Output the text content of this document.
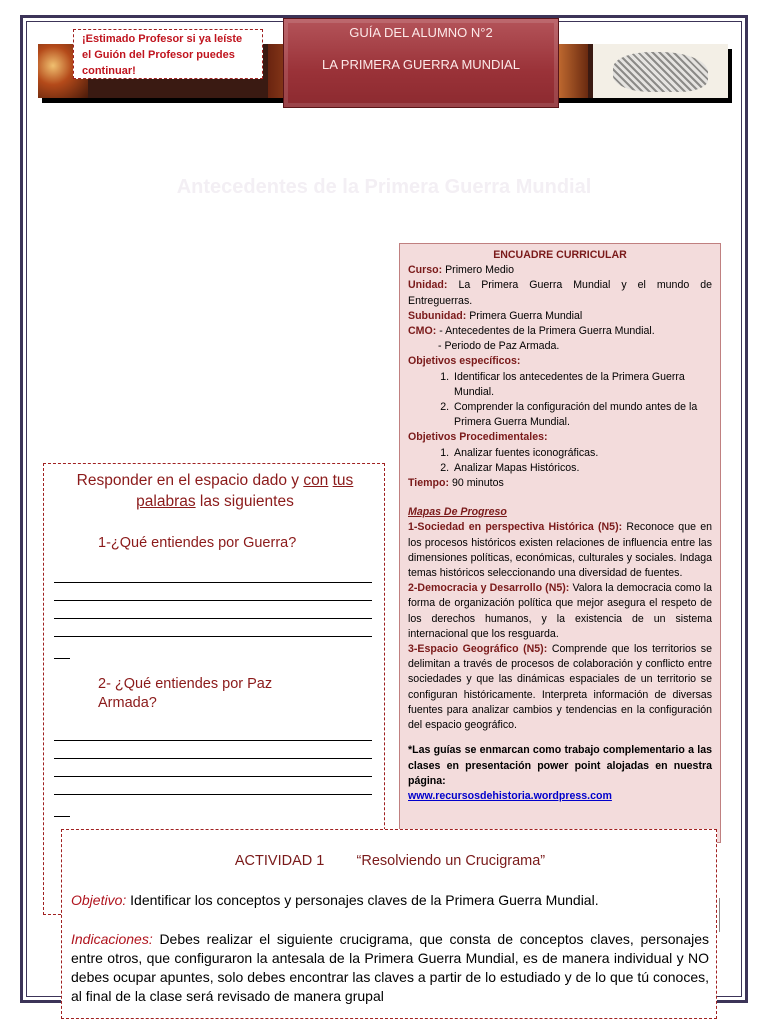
GUÍA DEL ALUMNO N°2
LA PRIMERA GUERRA MUNDIAL
¡Estimado Profesor si ya leíste
el Guión del Profesor puedes
continuar!
Antecedentes de la Primera Guerra Mundial
ENCUADRE CURRICULAR

Curso: Primero Medio

Unidad: La Primera Guerra Mundial y el mundo de Entreguerras.

Subunidad: Primera Guerra Mundial

CMO: - Antecedentes de la Primera Guerra Mundial.

- Periodo de Paz Armada.

Objetivos específicos:

1. Identificar los antecedentes de la Primera Guerra Mundial.
2. Comprender la configuración del mundo antes de la Primera Guerra Mundial.

Objetivos Procedimentales:

1. Analizar fuentes iconográficas.
2. Analizar Mapas Históricos.

Tiempo: 90 minutos

Mapas De Progreso

1-Sociedad en perspectiva Histórica (N5): Reconoce que en los procesos históricos existen relaciones de influencia entre las dimensiones políticas, económicas, culturales y sociales. Indaga temas históricos seleccionando una diversidad de fuentes.

2-Democracia y Desarrollo (N5): Valora la democracia como la forma de organización política que mejor asegura el respeto de los derechos humanos, y la existencia de un sistema internacional que los resguarda.

3-Espacio Geográfico (N5): Comprende que los territorios se delimitan a través de procesos de colaboración y conflicto entre sociedades y que las dinámicas espaciales de un territorio se configuran históricamente. Interpreta información de diversas fuentes para analizar cambios y tendencias en la configuración del espacio geográfico.

*Las guías se enmarcan como trabajo complementario a las clases en presentación power point alojadas en nuestra página:

www.recursosdehistoria.wordpress.com

Responder en el espacio dado y con tus palabras las siguientes
1-¿Qué entiendes por Guerra?
2- ¿Qué entiendes por Paz
Armada?
ACTIVIDAD 1        “Resolviendo un Crucigrama”
Objetivo: Identificar los conceptos y personajes claves de la Primera Guerra Mundial.
Indicaciones: Debes realizar el siguiente crucigrama, que consta de conceptos claves, personajes entre otros, que configuraron la antesala de la Primera Guerra Mundial, es de manera individual y NO debes ocupar apuntes, solo debes encontrar las claves a partir de lo estudiado y de lo que tú conoces, al final de la clase será revisado de manera grupal
